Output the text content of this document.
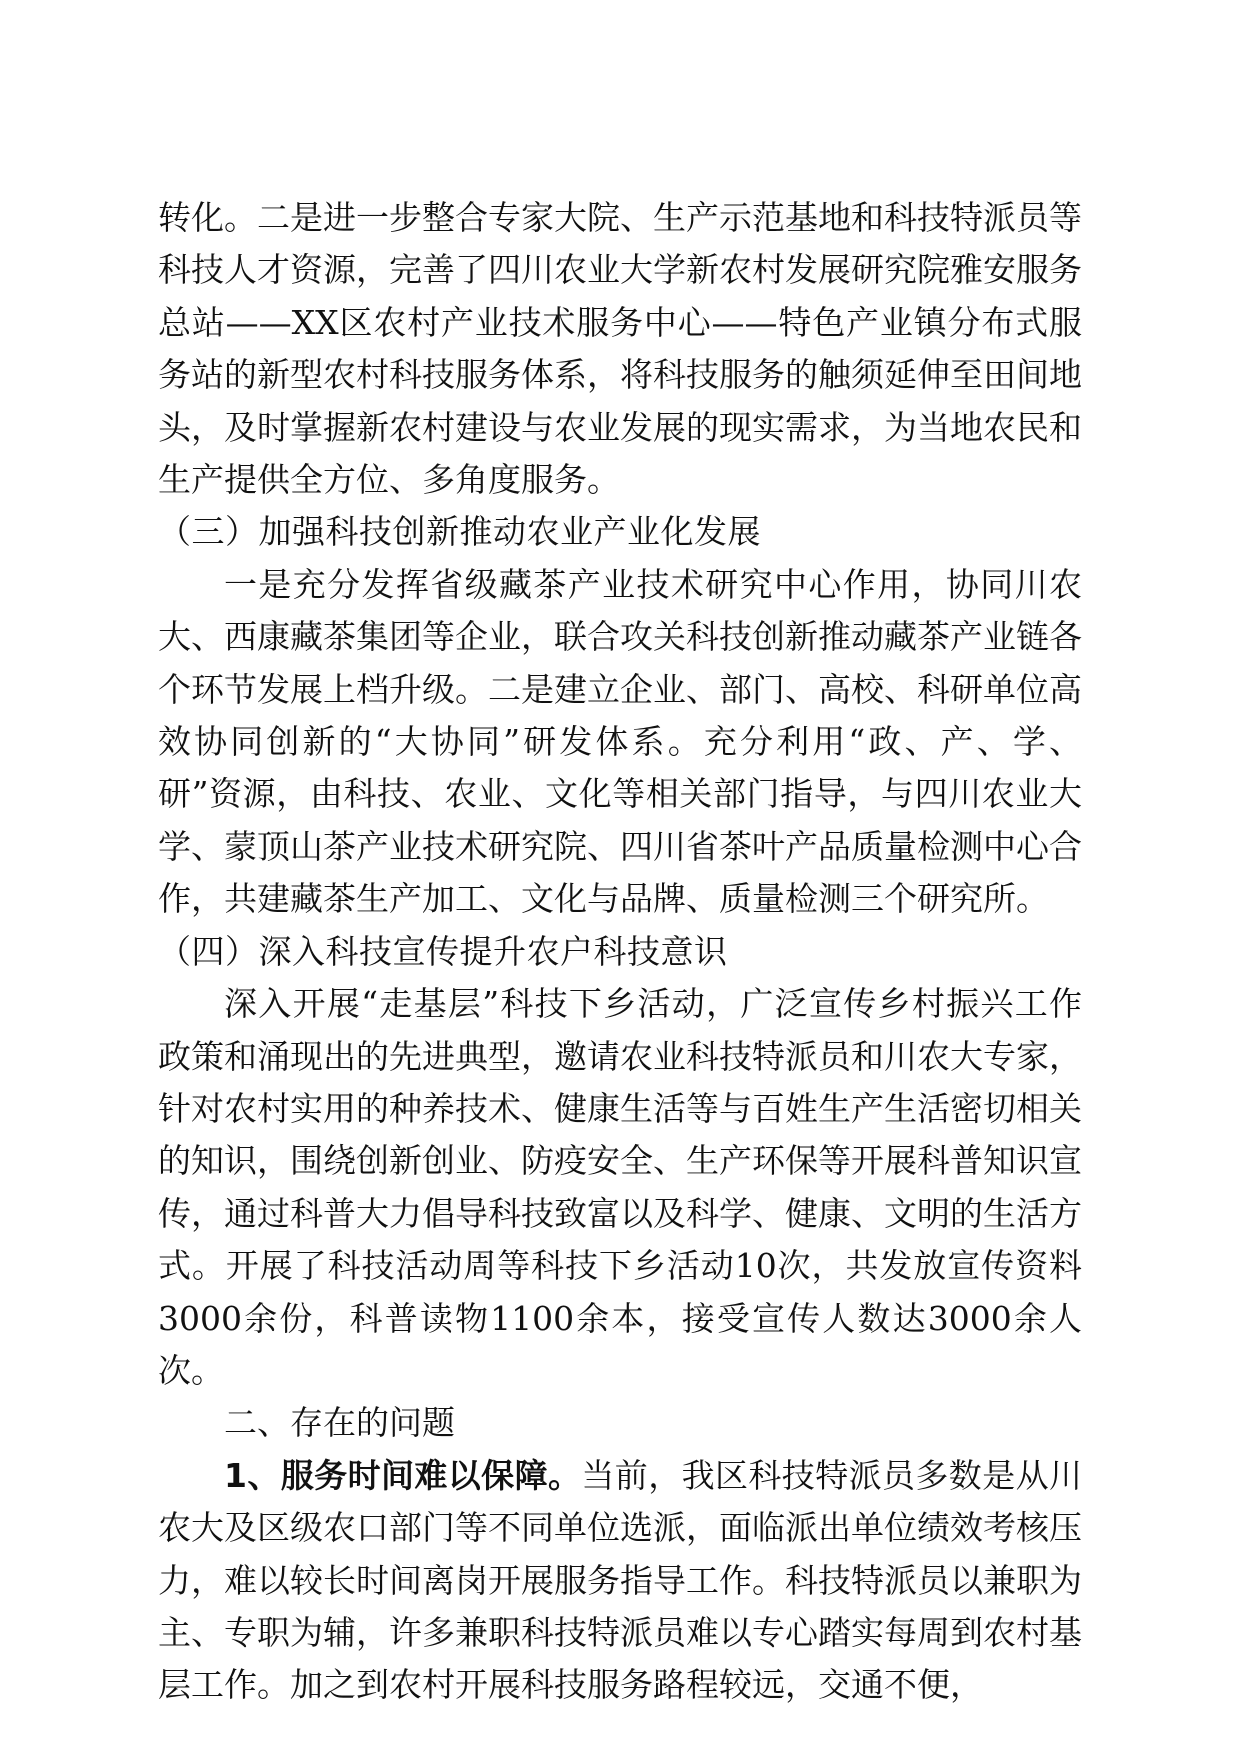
转化。二是进一步整合专家大院、生产示范基地和科技特派员等科技人才资源，完善了四川农业大学新农村发展研究院雅安服务总站——XX区农村产业技术服务中心——特色产业镇分布式服务站的新型农村科技服务体系，将科技服务的触须延伸至田间地头，及时掌握新农村建设与农业发展的现实需求，为当地农民和生产提供全方位、多角度服务。

（三）加强科技创新推动农业产业化发展

一是充分发挥省级藏茶产业技术研究中心作用，协同川农大、西康藏茶集团等企业，联合攻关科技创新推动藏茶产业链各个环节发展上档升级。二是建立企业、部门、高校、科研单位高效协同创新的“大协同”研发体系。充分利用“政、产、学、研”资源，由科技、农业、文化等相关部门指导，与四川农业大学、蒙顶山茶产业技术研究院、四川省茶叶产品质量检测中心合作，共建藏茶生产加工、文化与品牌、质量检测三个研究所。

（四）深入科技宣传提升农户科技意识

深入开展“走基层”科技下乡活动，广泛宣传乡村振兴工作政策和涌现出的先进典型，邀请农业科技特派员和川农大专家，针对农村实用的种养技术、健康生活等与百姓生产生活密切相关的知识，围绕创新创业、防疫安全、生产环保等开展科普知识宣传，通过科普大力倡导科技致富以及科学、健康、文明的生活方式。开展了科技活动周等科技下乡活动10次，共发放宣传资料3000余份，科普读物1100余本，接受宣传人数达3000余人次。

二、存在的问题

1、服务时间难以保障。当前，我区科技特派员多数是从川农大及区级农口部门等不同单位选派，面临派出单位绩效考核压力，难以较长时间离岗开展服务指导工作。科技特派员以兼职为主、专职为辅，许多兼职科技特派员难以专心踏实每周到农村基层工作。加之到农村开展科技服务路程较远，交通不便，
